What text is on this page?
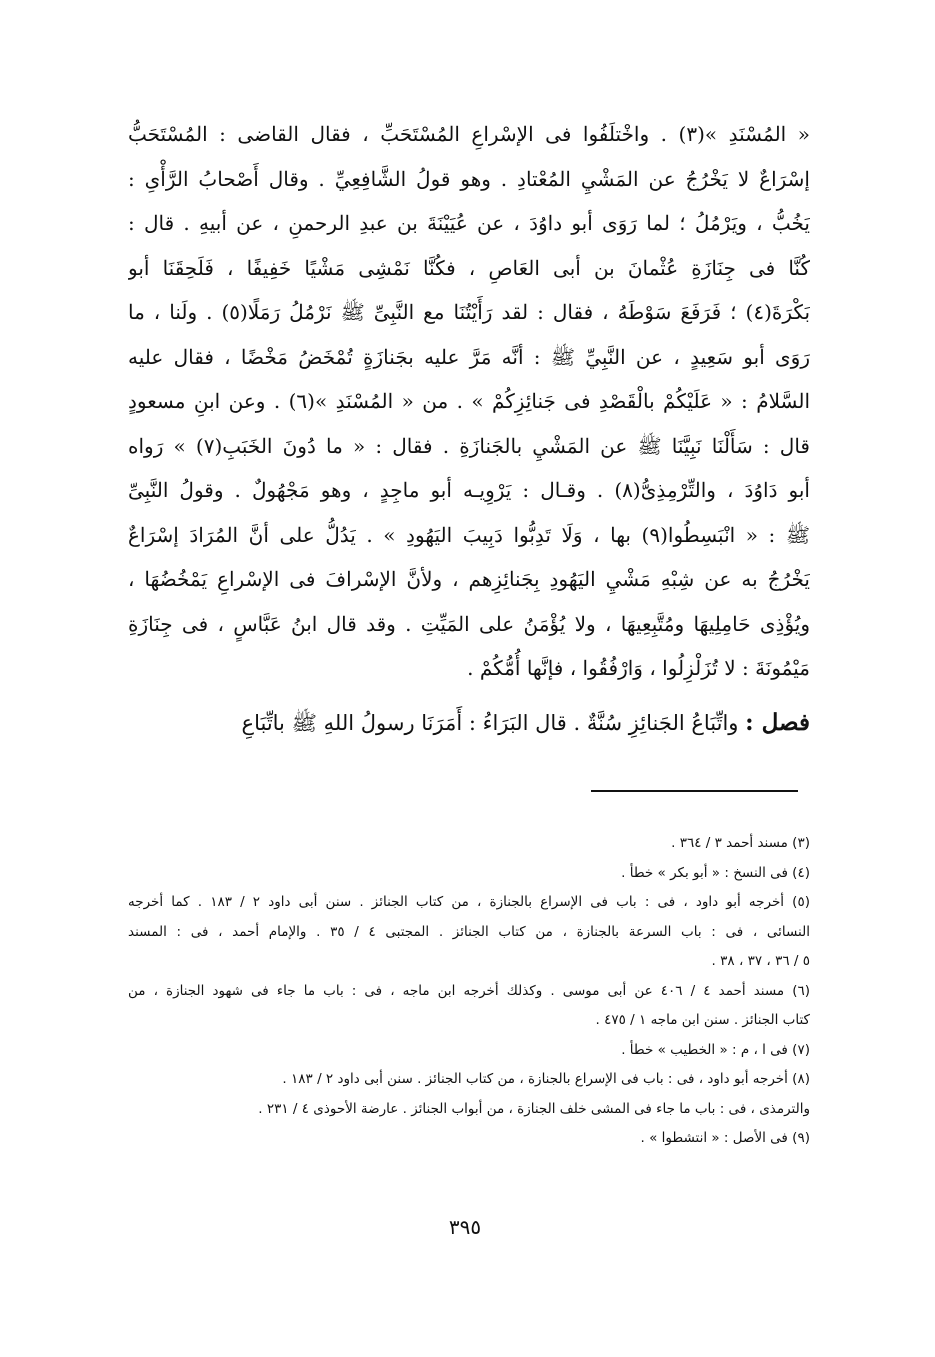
« المُسْنَدِ »(٣) . واخْتلَفُوا فى الإسْراعِ المُسْتَحَبِّ ، فقال القاضى : المُسْتَحَبُّ
إسْرَاعٌ لا يَخْرُجُ عن المَشْيِ المُعْتادِ . وهو قولُ الشَّافِعِيِّ . وقال أَصْحابُ الرَّأْىِ :
يَخُبُّ ، ويَرْمُلُ ؛ لما رَوَى أبو داوُدَ ، عن عُيَيْنَةَ بن عبدِ الرحمنِ ، عن أبيهِ . قال :
كُنَّا فى جِنَازَةِ عُثْمانَ بن أبى العَاصِ ، فكُنَّا نَمْشِى مَشْيًا خَفِيفًا ، فَلَحِقَنَا أبو
بَكْرَةَ(٤) ؛ فَرَفَعَ سَوْطَهُ ، فقال : لقد رَأَيْتُنَا مع النَّبِىِّ ﷺ نَرْمُلُ رَمَلًا(٥) . ولَنا ، ما
رَوَى أبو سَعِيدٍ ، عن النَّبِيِّ ﷺ : أنَّه مَرَّ عليه بجَنازَةٍ تُمْخَضُ مَخْضًا ، فقال عليه
السَّلامُ : « عَلَيْكُمْ بالْقَصْدِ فى جَنائِزِكُمْ » . من « المُسْنَدِ »(٦) . وعن ابنِ مسعودٍ
قال : سَأَلْنَا نَبِيَّنَا ﷺ عن المَشْيِ بالجَنازَةِ . فقال : « ما دُونَ الخَبَبِ(٧) » رَواه
أبو دَاوُدَ ، والتِّرْمِذِىُّ(٨) . وقـال : يَرْوِيـه أبو ماجِدٍ ، وهو مَجْهُولٌ . وقولُ النَّبِىِّ
ﷺ : « انْبَسِطُوا(٩) بها ، وَلَا تَدِبُّوا دَبِيبَ اليَهُودِ » . يَدُلُّ على أنَّ المُرَادَ إسْرَاعٌ
يَخْرُجُ به عن شِبْهِ مَشْيِ اليَهُودِ بِجَنائِزِهم ، ولأنَّ الإسْرافَ فى الإسْراعِ يَمْخُضُهَا ،
ويُؤْذِى حَامِلِيهَا ومُتَّبِعِيهَا ، ولا يُؤْمَنُ على المَيِّتِ . وقد قال ابنُ عَبَّاسٍ ، فى جِنَازَةِ
مَيْمُونَةَ : لا تُزَلْزِلُوا ، وَارْفُقُوا ، فإنَّها أُمُّكُمْ .
فصل : واتِّبَاعُ الجَنائِزِ سُنَّةٌ . قال البَرَاءُ : أَمَرَنَا رسولُ اللهِ ﷺ باتِّبَاعِ
(٣) مسند أحمد ٣ / ٣٦٤ .
(٤) فى النسخ : « أبو بكر » خطأ .
(٥) أخرجه أبو داود ، فى : باب فى الإسراع بالجنازة ، من كتاب الجنائز . سنن أبى داود ٢ / ١٨٣ . كما أخرجه
النسائى ، فى : باب السرعة بالجنازة ، من كتاب الجنائز . المجتبى ٤ / ٣٥ . والإمام أحمد ، فى : المسند
٥ / ٣٦ ، ٣٧ ، ٣٨ .
(٦) مسند أحمد ٤ / ٤٠٦ عن أبى موسى . وكذلك أخرجه ابن ماجه ، فى : باب ما جاء فى شهود الجنازة ، من
كتاب الجنائز . سنن ابن ماجه ١ / ٤٧٥ .
(٧) فى ا ، م : « الخطيب » خطأ .
(٨) أخرجه أبو داود ، فى : باب فى الإسراع بالجنازة ، من كتاب الجنائز . سنن أبى داود ٢ / ١٨٣ .
والترمذى ، فى : باب ما جاء فى المشى خلف الجنازة ، من أبواب الجنائز . عارضة الأحوذى ٤ / ٢٣١ .
(٩) فى الأصل : « انتشطوا » .
٣٩٥
